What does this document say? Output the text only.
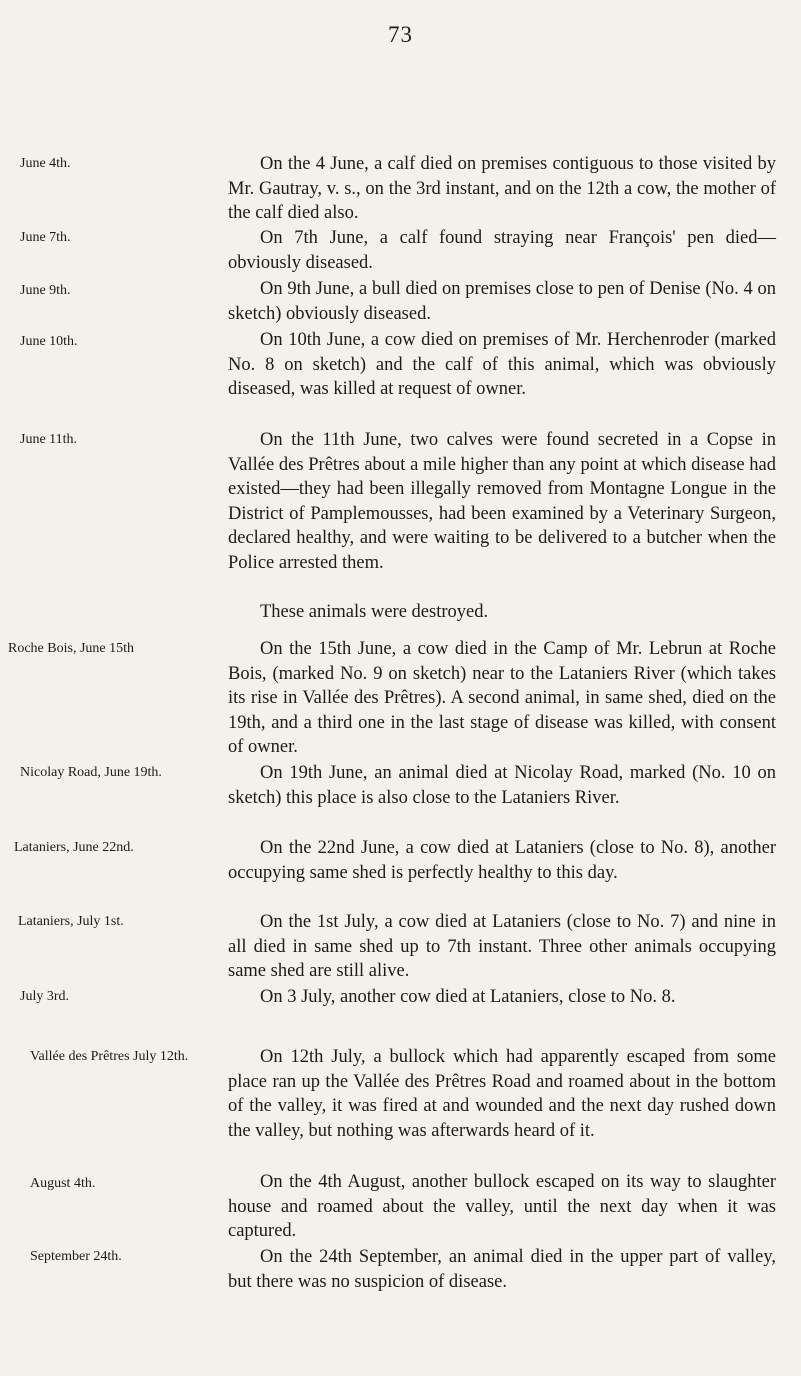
73
June 4th.	On the 4 June, a calf died on premises contiguous to those visited by Mr. Gautray, v. s., on the 3rd instant, and on the 12th a cow, the mother of the calf died also.
June 7th.	On 7th June, a calf found straying near François' pen died—obviously diseased.
June 9th.	On 9th June, a bull died on premises close to pen of Denise (No. 4 on sketch) obviously diseased.
June 10th.	On 10th June, a cow died on premises of Mr. Herchenroder (marked No. 8 on sketch) and the calf of this animal, which was obviously diseased, was killed at request of owner.
June 11th.	On the 11th June, two calves were found secreted in a Copse in Vallée des Prêtres about a mile higher than any point at which disease had existed—they had been illegally removed from Montagne Longue in the District of Pamplemousses, had been examined by a Veterinary Surgeon, declared healthy, and were waiting to be delivered to a butcher when the Police arrested them.
These animals were destroyed.
Roche Bois, June 15th	On the 15th June, a cow died in the Camp of Mr. Lebrun at Roche Bois, (marked No. 9 on sketch) near to the Lataniers River (which takes its rise in Vallée des Prêtres). A second animal, in same shed, died on the 19th, and a third one in the last stage of disease was killed, with consent of owner.
Nicolay Road, June 19th.	On 19th June, an animal died at Nicolay Road, marked (No. 10 on sketch) this place is also close to the Lataniers River.
Lataniers, June 22nd.	On the 22nd June, a cow died at Lataniers (close to No. 8), another occupying same shed is perfectly healthy to this day.
Lataniers, July 1st.	On the 1st July, a cow died at Lataniers (close to No. 7) and nine in all died in same shed up to 7th instant. Three other animals occupying same shed are still alive.
July 3rd.	On 3 July, another cow died at Lataniers, close to No. 8.
Vallée des Prêtres July 12th.	On 12th July, a bullock which had apparently escaped from some place ran up the Vallée des Prêtres Road and roamed about in the bottom of the valley, it was fired at and wounded and the next day rushed down the valley, but nothing was afterwards heard of it.
August 4th.	On the 4th August, another bullock escaped on its way to slaughter house and roamed about the valley, until the next day when it was captured.
September 24th.	On the 24th September, an animal died in the upper part of valley, but there was no suspicion of disease.
